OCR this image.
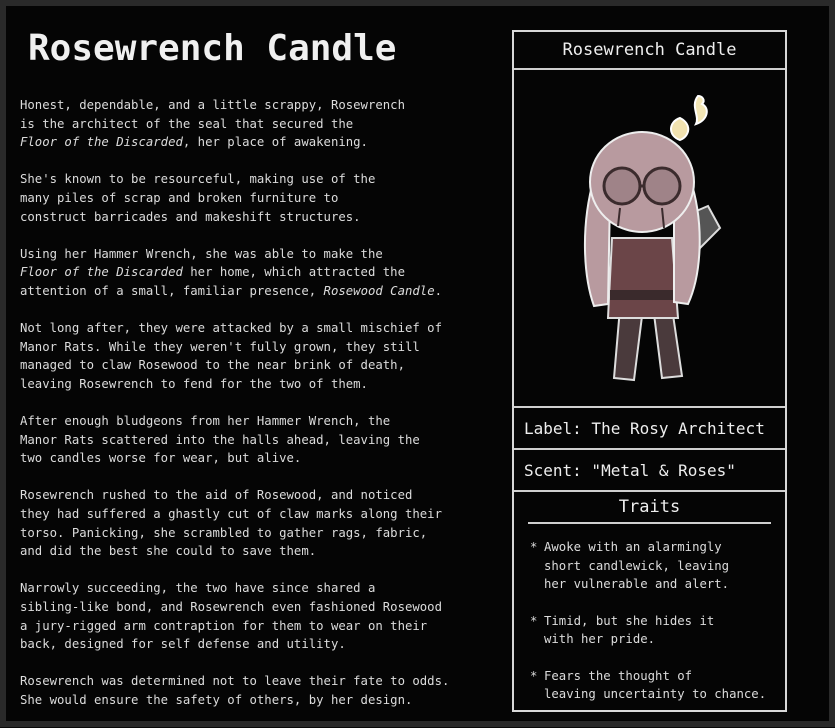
Rosewrench Candle

Honest, dependable, and a little scrappy, Rosewrench
is the architect of the seal that secured the
Floor of the Discarded, her place of awakening.

She's known to be resourceful, making use of the
many piles of scrap and broken furniture to
construct barricades and makeshift structures.

Using her Hammer Wrench, she was able to make the
Floor of the Discarded her home, which attracted the
attention of a small, familiar presence, Rosewood Candle.

Not long after, they were attacked by a small mischief of
Manor Rats. While they weren't fully grown, they still
managed to claw Rosewood to the near brink of death,
leaving Rosewrench to fend for the two of them.

After enough bludgeons from her Hammer Wrench, the
Manor Rats scattered into the halls ahead, leaving the
two candles worse for wear, but alive.

Rosewrench rushed to the aid of Rosewood, and noticed
they had suffered a ghastly cut of claw marks along their
torso. Panicking, she scrambled to gather rags, fabric,
and did the best she could to save them.

Narrowly succeeding, the two have since shared a
sibling-like bond, and Rosewrench even fashioned Rosewood
a jury-rigged arm contraption for them to wear on their
back, designed for self defense and utility.

Rosewrench was determined not to leave their fate to odds.
She would ensure the safety of others, by her design.

Rosewrench Candle
Label: The Rosy Architect
Scent: "Metal & Roses"
Traits
* Awoke with an alarmingly
short candlewick, leaving
her vulnerable and alert.
* Timid, but she hides it
with her pride.
* Fears the thought of
leaving uncertainty to chance.
